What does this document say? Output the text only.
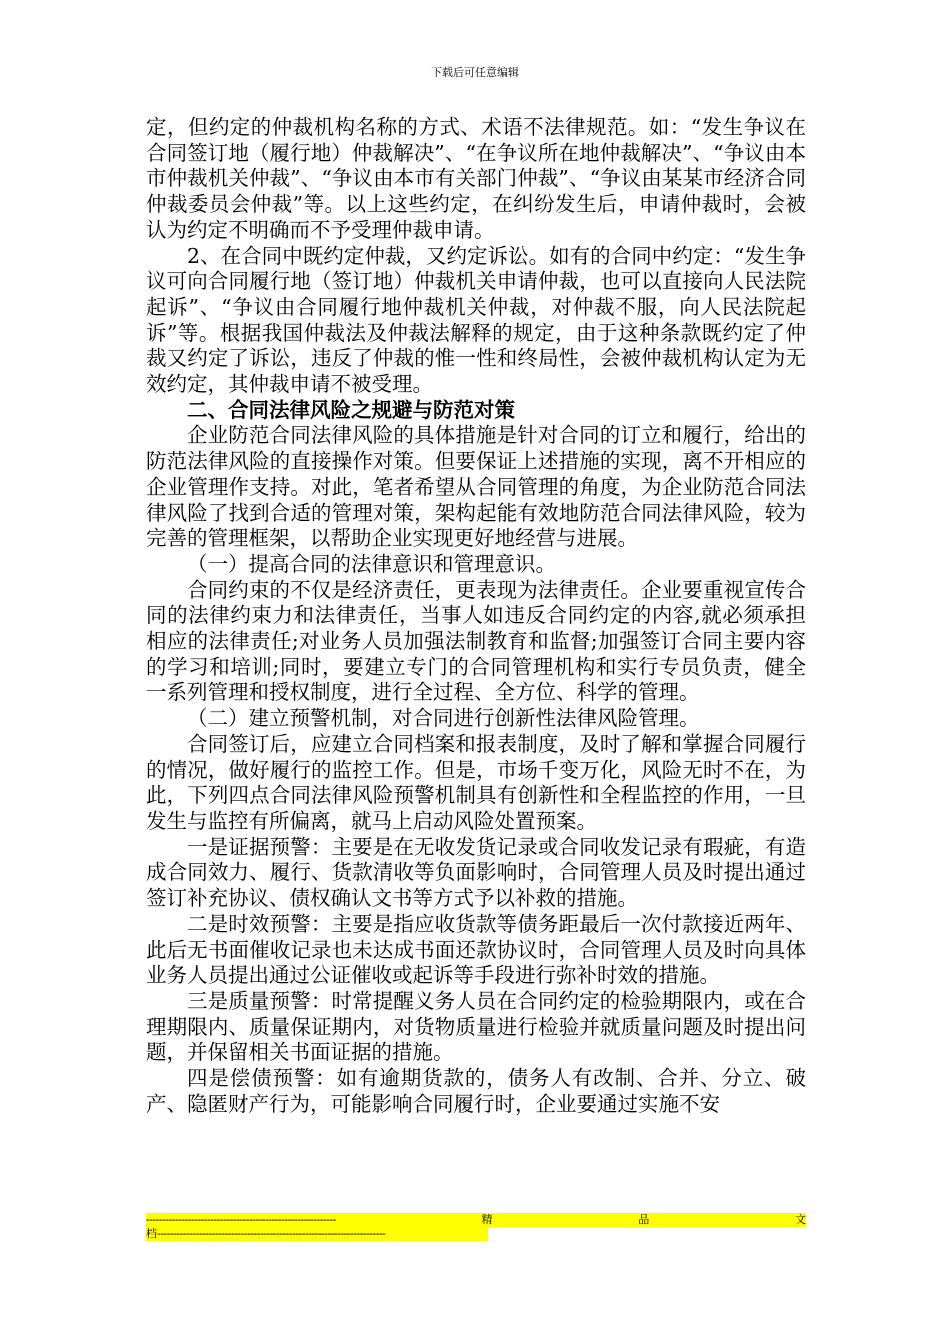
下载后可任意编辑

定，但约定的仲裁机构名称的方式、术语不法律规范。如：“发生争议在合同签订地（履行地）仲裁解决”、“在争议所在地仲裁解决”、“争议由本市仲裁机关仲裁”、“争议由本市有关部门仲裁”、“争议由某某市经济合同仲裁委员会仲裁”等。以上这些约定，在纠纷发生后，申请仲裁时，会被认为约定不明确而不予受理仲裁申请。

2、在合同中既约定仲裁，又约定诉讼。如有的合同中约定：“发生争议可向合同履行地（签订地）仲裁机关申请仲裁，也可以直接向人民法院起诉”、“争议由合同履行地仲裁机关仲裁，对仲裁不服，向人民法院起诉”等。根据我国仲裁法及仲裁法解释的规定，由于这种条款既约定了仲裁又约定了诉讼，违反了仲裁的惟一性和终局性，会被仲裁机构认定为无效约定，其仲裁申请不被受理。

二、合同法律风险之规避与防范对策

企业防范合同法律风险的具体措施是针对合同的订立和履行，给出的防范法律风险的直接操作对策。但要保证上述措施的实现，离不开相应的企业管理作支持。对此，笔者希望从合同管理的角度，为企业防范合同法律风险了找到合适的管理对策，架构起能有效地防范合同法律风险，较为完善的管理框架，以帮助企业实现更好地经营与进展。

（一）提高合同的法律意识和管理意识。

合同约束的不仅是经济责任，更表现为法律责任。企业要重视宣传合同的法律约束力和法律责任，当事人如违反合同约定的内容,就必须承担相应的法律责任;对业务人员加强法制教育和监督;加强签订合同主要内容的学习和培训;同时，要建立专门的合同管理机构和实行专员负责，健全一系列管理和授权制度，进行全过程、全方位、科学的管理。

（二）建立预警机制，对合同进行创新性法律风险管理。

合同签订后，应建立合同档案和报表制度，及时了解和掌握合同履行的情况，做好履行的监控工作。但是，市场千变万化，风险无时不在，为此，下列四点合同法律风险预警机制具有创新性和全程监控的作用，一旦发生与监控有所偏离，就马上启动风险处置预案。

一是证据预警：主要是在无收发货记录或合同收发记录有瑕疵，有造成合同效力、履行、货款清收等负面影响时，合同管理人员及时提出通过签订补充协议、债权确认文书等方式予以补救的措施。

二是时效预警：主要是指应收货款等债务距最后一次付款接近两年、此后无书面催收记录也未达成书面还款协议时，合同管理人员及时向具体业务人员提出通过公证催收或起诉等手段进行弥补时效的措施。

三是质量预警：时常提醒义务人员在合同约定的检验期限内，或在合理期限内、质量保证期内，对货物质量进行检验并就质量问题及时提出问题，并保留相关书面证据的措施。

四是偿债预警：如有逾期货款的，债务人有改制、合并、分立、破产、隐匿财产行为，可能影响合同履行时，企业要通过实施不安

-----------------------------------------------------------	精	品	文
档-----------------------------------------------------------------------
